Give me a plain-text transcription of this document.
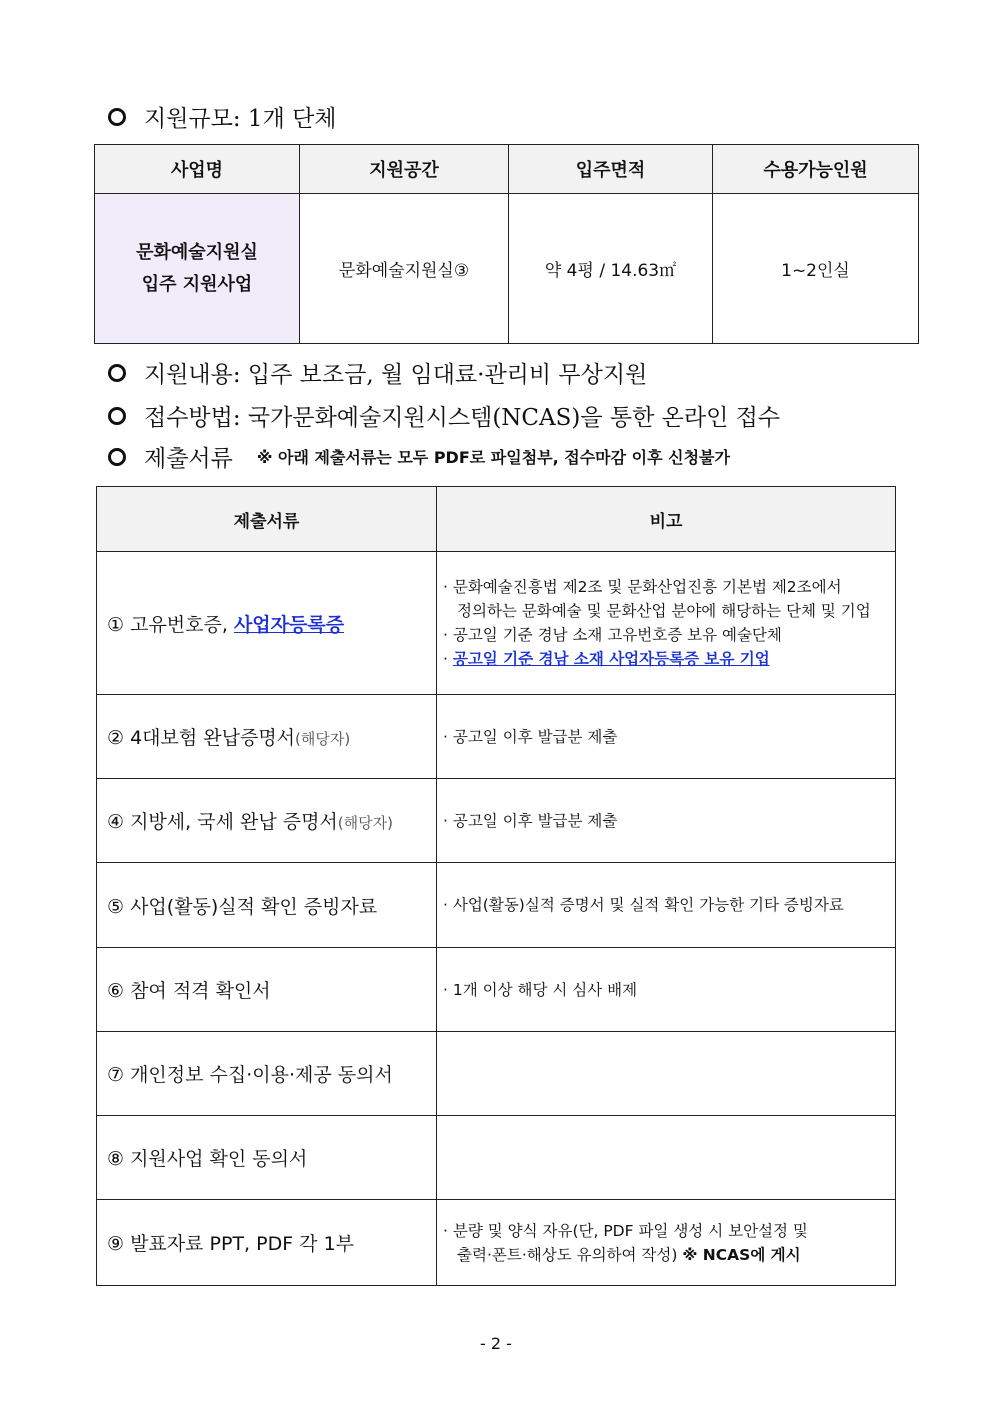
지원규모: 1개 단체
사업명	지원공간	입주면적	수용가능인원

문화예술지원실
입주 지원사업	문화예술지원실③	약 4평 / 14.63㎡	1~2인실
지원내용: 입주 보조금, 월 임대료·관리비 무상지원
접수방법: 국가문화예술지원시스템(NCAS)을 통한 온라인 접수
제출서류 ※ 아래 제출서류는 모두 PDF로 파일첨부, 접수마감 이후 신청불가
제출서류	비고
① 고유번호증, 사업자등록증	· 문화예술진흥법 제2조 및 문화산업진흥 기본법 제2조에서
정의하는 문화예술 및 문화산업 분야에 해당하는 단체 및 기업
· 공고일 기준 경남 소재 고유번호증 보유 예술단체
· 공고일 기준 경남 소재 사업자등록증 보유 기업

② 4대보험 완납증명서(해당자)	· 공고일 이후 발급분 제출
④ 지방세, 국세 완납 증명서(해당자)	· 공고일 이후 발급분 제출
⑤ 사업(활동)실적 확인 증빙자료	· 사업(활동)실적 증명서 및 실적 확인 가능한 기타 증빙자료
⑥ 참여 적격 확인서	· 1개 이상 해당 시 심사 배제
⑦ 개인정보 수집·이용·제공 동의서	
⑧ 지원사업 확인 동의서	
⑨ 발표자료 PPT, PDF 각 1부	· 분량 및 양식 자유(단, PDF 파일 생성 시 보안설정 및
출력·폰트·해상도 유의하여 작성) ※ NCAS에 게시
- 2 -
